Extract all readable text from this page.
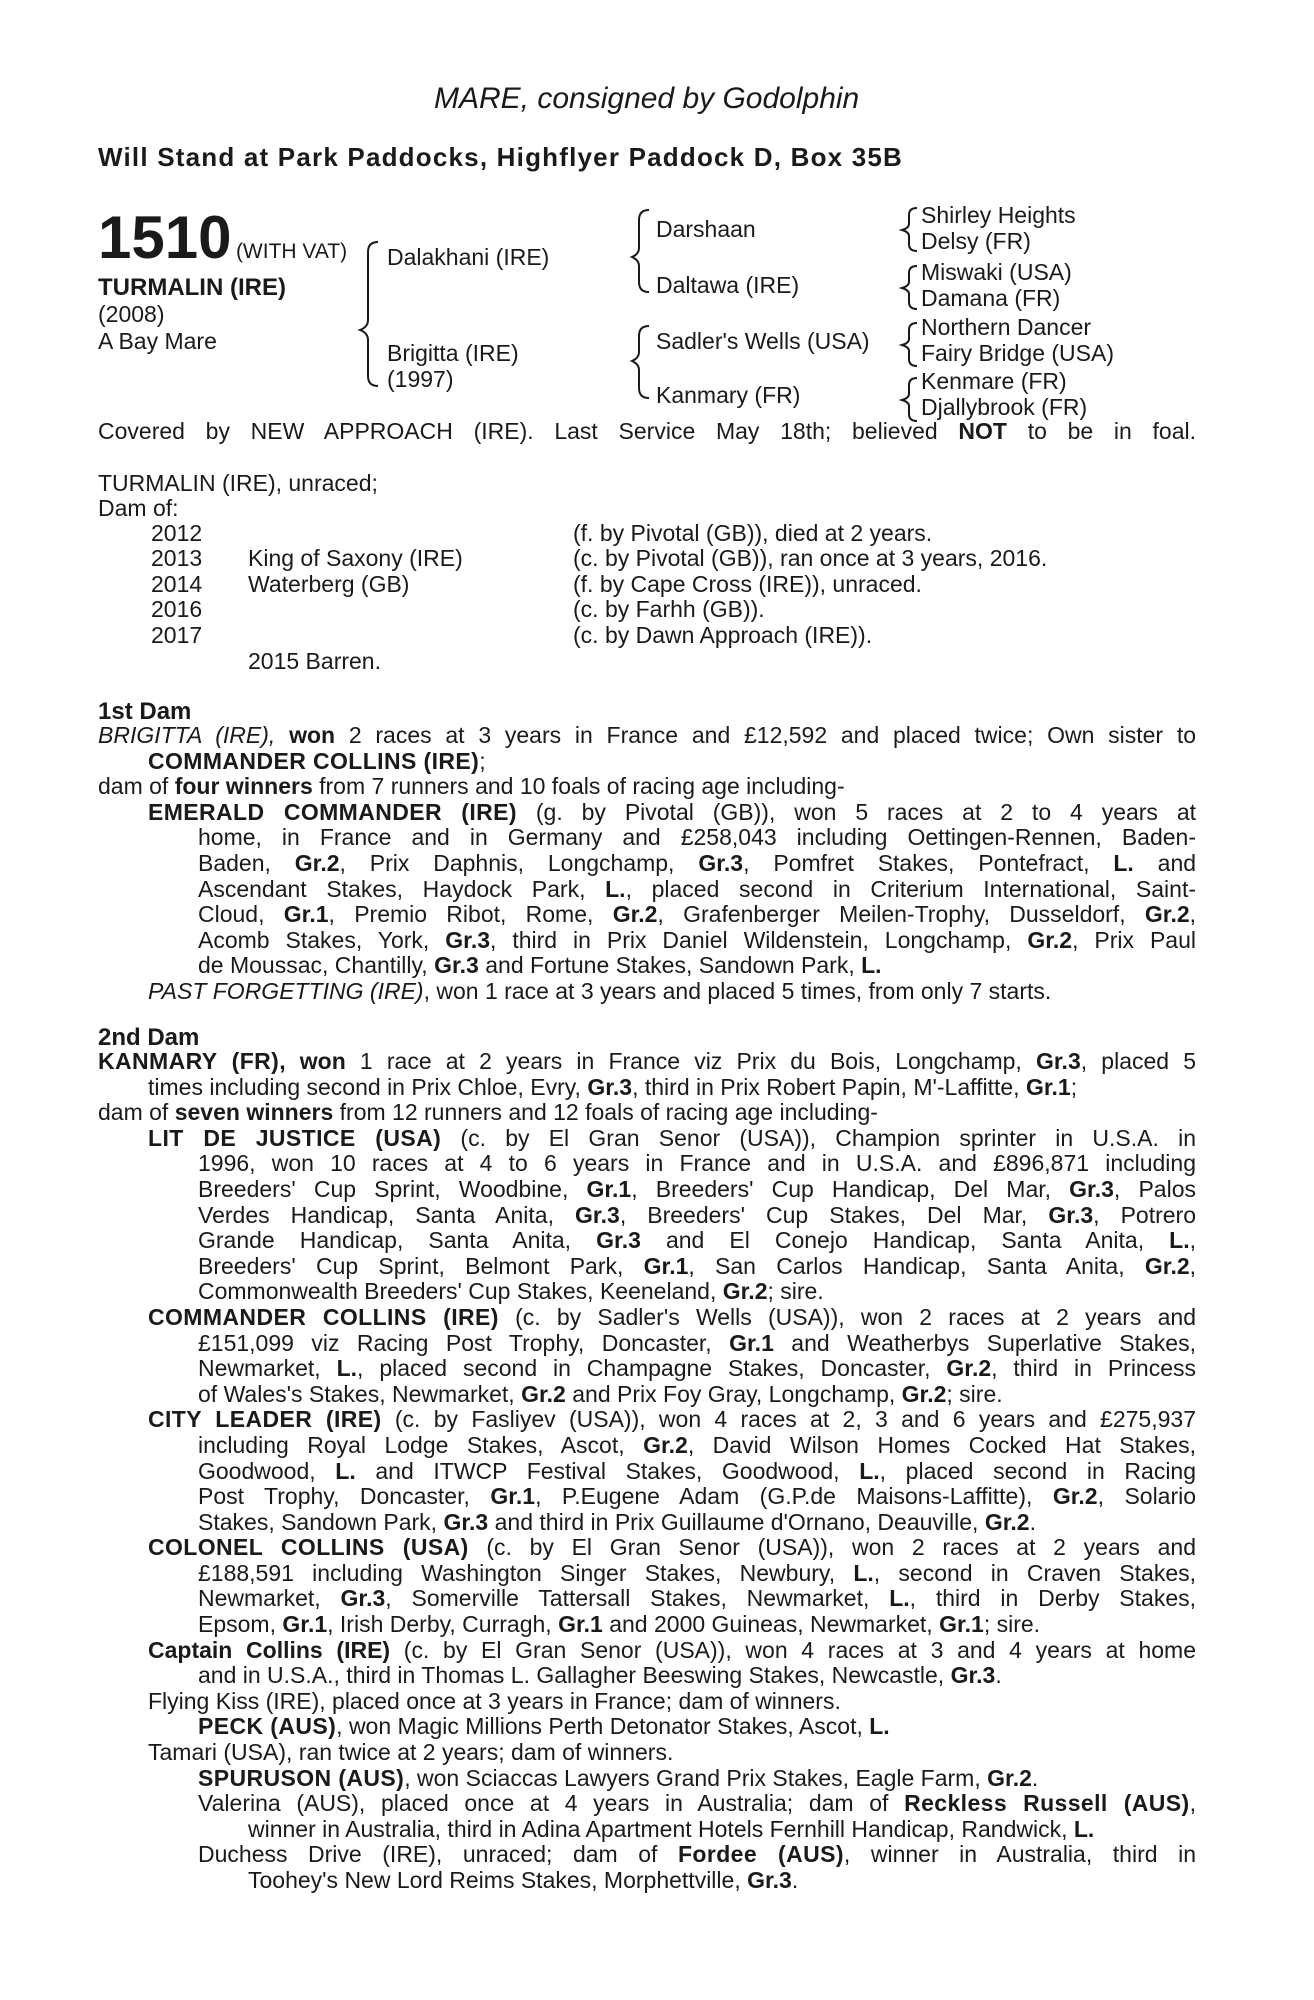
MARE, consigned by Godolphin
Will Stand at Park Paddocks, Highflyer Paddock D, Box 35B
1510 (WITH VAT)
TURMALIN (IRE)
(2008)
A Bay Mare
Dalakhani (IRE)
Brigitta (IRE)
(1997)
Darshaan
Daltawa (IRE)
Sadler's Wells (USA)
Kanmary (FR)
Shirley Heights
Delsy (FR)
Miswaki (USA)
Damana (FR)
Northern Dancer
Fairy Bridge (USA)
Kenmare (FR)
Djallybrook (FR)
Covered by NEW APPROACH (IRE). Last Service May 18th; believed NOT to be in foal.
TURMALIN (IRE), unraced;
Dam of:
2012		(f. by Pivotal (GB)), died at 2 years.
2013	King of Saxony (IRE)	(c. by Pivotal (GB)), ran once at 3 years, 2016.
2014	Waterberg (GB)	(f. by Cape Cross (IRE)), unraced.
2016		(c. by Farhh (GB)).
2017		(c. by Dawn Approach (IRE)).
2015 Barren.
1st Dam
BRIGITTA (IRE), won 2 races at 3 years in France and £12,592 and placed twice; Own sister to
COMMANDER COLLINS (IRE);
dam of four winners from 7 runners and 10 foals of racing age including-
EMERALD COMMANDER (IRE) (g. by Pivotal (GB)), won 5 races at 2 to 4 years at
home, in France and in Germany and £258,043 including Oettingen-Rennen, Baden-
Baden, Gr.2, Prix Daphnis, Longchamp, Gr.3, Pomfret Stakes, Pontefract, L. and
Ascendant Stakes, Haydock Park, L., placed second in Criterium International, Saint-
Cloud, Gr.1, Premio Ribot, Rome, Gr.2, Grafenberger Meilen-Trophy, Dusseldorf, Gr.2,
Acomb Stakes, York, Gr.3, third in Prix Daniel Wildenstein, Longchamp, Gr.2, Prix Paul
de Moussac, Chantilly, Gr.3 and Fortune Stakes, Sandown Park, L.
PAST FORGETTING (IRE), won 1 race at 3 years and placed 5 times, from only 7 starts.
2nd Dam
KANMARY (FR), won 1 race at 2 years in France viz Prix du Bois, Longchamp, Gr.3, placed 5
times including second in Prix Chloe, Evry, Gr.3, third in Prix Robert Papin, M'-Laffitte, Gr.1;
dam of seven winners from 12 runners and 12 foals of racing age including-
LIT DE JUSTICE (USA) (c. by El Gran Senor (USA)), Champion sprinter in U.S.A. in
1996, won 10 races at 4 to 6 years in France and in U.S.A. and £896,871 including
Breeders' Cup Sprint, Woodbine, Gr.1, Breeders' Cup Handicap, Del Mar, Gr.3, Palos
Verdes Handicap, Santa Anita, Gr.3, Breeders' Cup Stakes, Del Mar, Gr.3, Potrero
Grande Handicap, Santa Anita, Gr.3 and El Conejo Handicap, Santa Anita, L.,
Breeders' Cup Sprint, Belmont Park, Gr.1, San Carlos Handicap, Santa Anita, Gr.2,
Commonwealth Breeders' Cup Stakes, Keeneland, Gr.2; sire.
COMMANDER COLLINS (IRE) (c. by Sadler's Wells (USA)), won 2 races at 2 years and
£151,099 viz Racing Post Trophy, Doncaster, Gr.1 and Weatherbys Superlative Stakes,
Newmarket, L., placed second in Champagne Stakes, Doncaster, Gr.2, third in Princess
of Wales's Stakes, Newmarket, Gr.2 and Prix Foy Gray, Longchamp, Gr.2; sire.
CITY LEADER (IRE) (c. by Fasliyev (USA)), won 4 races at 2, 3 and 6 years and £275,937
including Royal Lodge Stakes, Ascot, Gr.2, David Wilson Homes Cocked Hat Stakes,
Goodwood, L. and ITWCP Festival Stakes, Goodwood, L., placed second in Racing
Post Trophy, Doncaster, Gr.1, P.Eugene Adam (G.P.de Maisons-Laffitte), Gr.2, Solario
Stakes, Sandown Park, Gr.3 and third in Prix Guillaume d'Ornano, Deauville, Gr.2.
COLONEL COLLINS (USA) (c. by El Gran Senor (USA)), won 2 races at 2 years and
£188,591 including Washington Singer Stakes, Newbury, L., second in Craven Stakes,
Newmarket, Gr.3, Somerville Tattersall Stakes, Newmarket, L., third in Derby Stakes,
Epsom, Gr.1, Irish Derby, Curragh, Gr.1 and 2000 Guineas, Newmarket, Gr.1; sire.
Captain Collins (IRE) (c. by El Gran Senor (USA)), won 4 races at 3 and 4 years at home
and in U.S.A., third in Thomas L. Gallagher Beeswing Stakes, Newcastle, Gr.3.
Flying Kiss (IRE), placed once at 3 years in France; dam of winners.
PECK (AUS), won Magic Millions Perth Detonator Stakes, Ascot, L.
Tamari (USA), ran twice at 2 years; dam of winners.
SPURUSON (AUS), won Sciaccas Lawyers Grand Prix Stakes, Eagle Farm, Gr.2.
Valerina (AUS), placed once at 4 years in Australia; dam of Reckless Russell (AUS),
winner in Australia, third in Adina Apartment Hotels Fernhill Handicap, Randwick, L.
Duchess Drive (IRE), unraced; dam of Fordee (AUS), winner in Australia, third in
Toohey's New Lord Reims Stakes, Morphettville, Gr.3.
